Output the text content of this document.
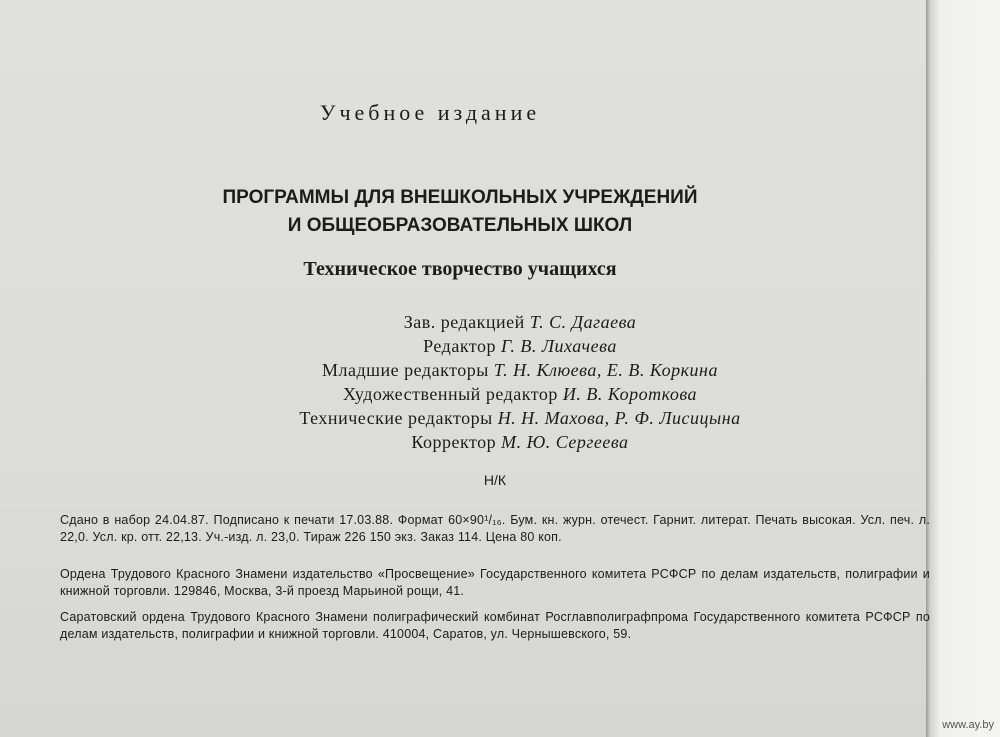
Учебное издание
ПРОГРАММЫ ДЛЯ ВНЕШКОЛЬНЫХ УЧРЕЖДЕНИЙ
И ОБЩЕОБРАЗОВАТЕЛЬНЫХ ШКОЛ
Техническое творчество учащихся
Зав. редакцией Т. С. Дагаева
Редактор Г. В. Лихачева
Младшие редакторы Т. Н. Клюева, Е. В. Коркина
Художественный редактор И. В. Короткова
Технические редакторы Н. Н. Махова, Р. Ф. Лисицына
Корректор М. Ю. Сергеева
Н/К
Сдано в набор 24.04.87. Подписано к печати 17.03.88. Формат 60×90¹/₁₆. Бум. кн. журн. отечест. Гарнит. литерат. Печать высокая. Усл. печ. л. 22,0. Усл. кр. отт. 22,13. Уч.-изд. л. 23,0. Тираж 226 150 экз. Заказ 114. Цена 80 коп.
Ордена Трудового Красного Знамени издательство «Просвещение» Государственного комитета РСФСР по делам издательств, полиграфии и книжной торговли. 129846, Москва, 3-й проезд Марьиной рощи, 41.
Саратовский ордена Трудового Красного Знамени полиграфический комбинат Росглавполиграфпрома Государственного комитета РСФСР по делам издательств, полиграфии и книжной торговли. 410004, Саратов, ул. Чернышевского, 59.
www.ay.by
